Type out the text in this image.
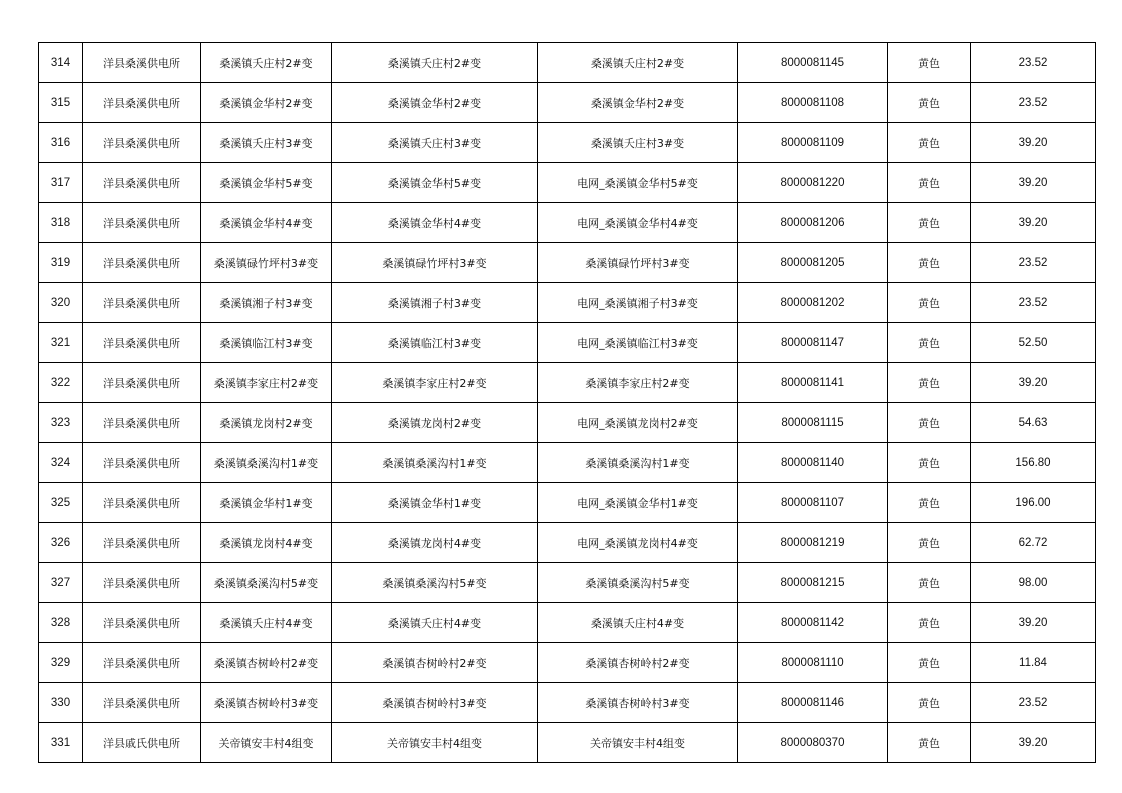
314	洋县桑溪供电所	桑溪镇夭庄村2#变	桑溪镇夭庄村2#变	桑溪镇夭庄村2#变	8000081145	黄色	23.52
315	洋县桑溪供电所	桑溪镇金华村2#变	桑溪镇金华村2#变	桑溪镇金华村2#变	8000081108	黄色	23.52
316	洋县桑溪供电所	桑溪镇夭庄村3#变	桑溪镇夭庄村3#变	桑溪镇夭庄村3#变	8000081109	黄色	39.20
317	洋县桑溪供电所	桑溪镇金华村5#变	桑溪镇金华村5#变	电网_桑溪镇金华村5#变	8000081220	黄色	39.20
318	洋县桑溪供电所	桑溪镇金华村4#变	桑溪镇金华村4#变	电网_桑溪镇金华村4#变	8000081206	黄色	39.20
319	洋县桑溪供电所	桑溪镇碌竹坪村3#变	桑溪镇碌竹坪村3#变	桑溪镇碌竹坪村3#变	8000081205	黄色	23.52
320	洋县桑溪供电所	桑溪镇湘子村3#变	桑溪镇湘子村3#变	电网_桑溪镇湘子村3#变	8000081202	黄色	23.52
321	洋县桑溪供电所	桑溪镇临江村3#变	桑溪镇临江村3#变	电网_桑溪镇临江村3#变	8000081147	黄色	52.50
322	洋县桑溪供电所	桑溪镇李家庄村2#变	桑溪镇李家庄村2#变	桑溪镇李家庄村2#变	8000081141	黄色	39.20
323	洋县桑溪供电所	桑溪镇龙岗村2#变	桑溪镇龙岗村2#变	电网_桑溪镇龙岗村2#变	8000081115	黄色	54.63
324	洋县桑溪供电所	桑溪镇桑溪沟村1#变	桑溪镇桑溪沟村1#变	桑溪镇桑溪沟村1#变	8000081140	黄色	156.80
325	洋县桑溪供电所	桑溪镇金华村1#变	桑溪镇金华村1#变	电网_桑溪镇金华村1#变	8000081107	黄色	196.00
326	洋县桑溪供电所	桑溪镇龙岗村4#变	桑溪镇龙岗村4#变	电网_桑溪镇龙岗村4#变	8000081219	黄色	62.72
327	洋县桑溪供电所	桑溪镇桑溪沟村5#变	桑溪镇桑溪沟村5#变	桑溪镇桑溪沟村5#变	8000081215	黄色	98.00
328	洋县桑溪供电所	桑溪镇夭庄村4#变	桑溪镇夭庄村4#变	桑溪镇夭庄村4#变	8000081142	黄色	39.20
329	洋县桑溪供电所	桑溪镇杏树岭村2#变	桑溪镇杏树岭村2#变	桑溪镇杏树岭村2#变	8000081110	黄色	11.84
330	洋县桑溪供电所	桑溪镇杏树岭村3#变	桑溪镇杏树岭村3#变	桑溪镇杏树岭村3#变	8000081146	黄色	23.52
331	洋县戚氏供电所	关帝镇安丰村4组变	关帝镇安丰村4组变	关帝镇安丰村4组变	8000080370	黄色	39.20
